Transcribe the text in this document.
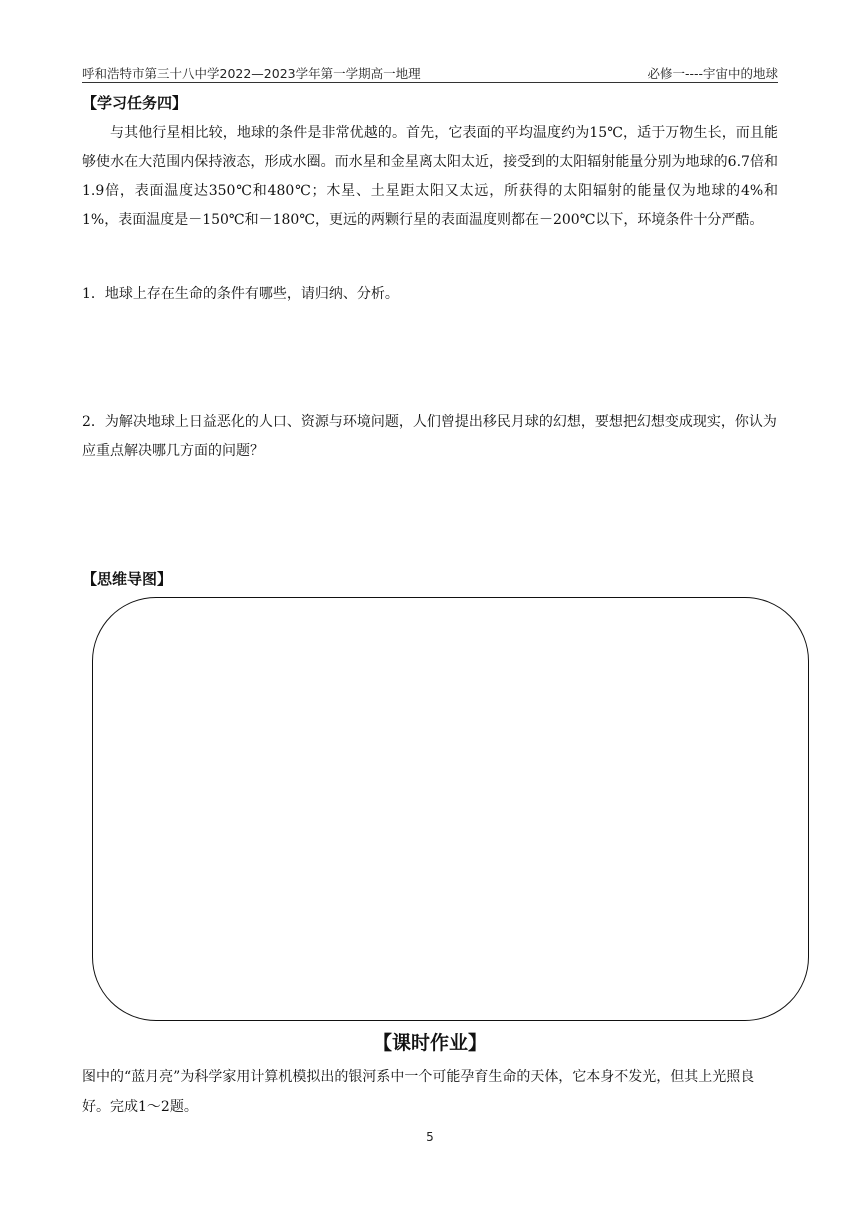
呼和浩特市第三十八中学2022—2023学年第一学期高一地理	必修一----宇宙中的地球
【学习任务四】
与其他行星相比较，地球的条件是非常优越的。首先，它表面的平均温度约为15℃，适于万物生长，而且能够使水在大范围内保持液态，形成水圈。而水星和金星离太阳太近，接受到的太阳辐射能量分别为地球的6.7倍和1.9倍，表面温度达350℃和480℃；木星、土星距太阳又太远，所获得的太阳辐射的能量仅为地球的4%和1%，表面温度是－150℃和－180℃，更远的两颗行星的表面温度则都在－200℃以下，环境条件十分严酷。
1．地球上存在生命的条件有哪些，请归纳、分析。
2．为解决地球上日益恶化的人口、资源与环境问题，人们曾提出移民月球的幻想，要想把幻想变成现实，你认为应重点解决哪几方面的问题？
【思维导图】
【课时作业】
图中的“蓝月亮”为科学家用计算机模拟出的银河系中一个可能孕育生命的天体，它本身不发光，但其上光照良好。完成1～2题。
5
